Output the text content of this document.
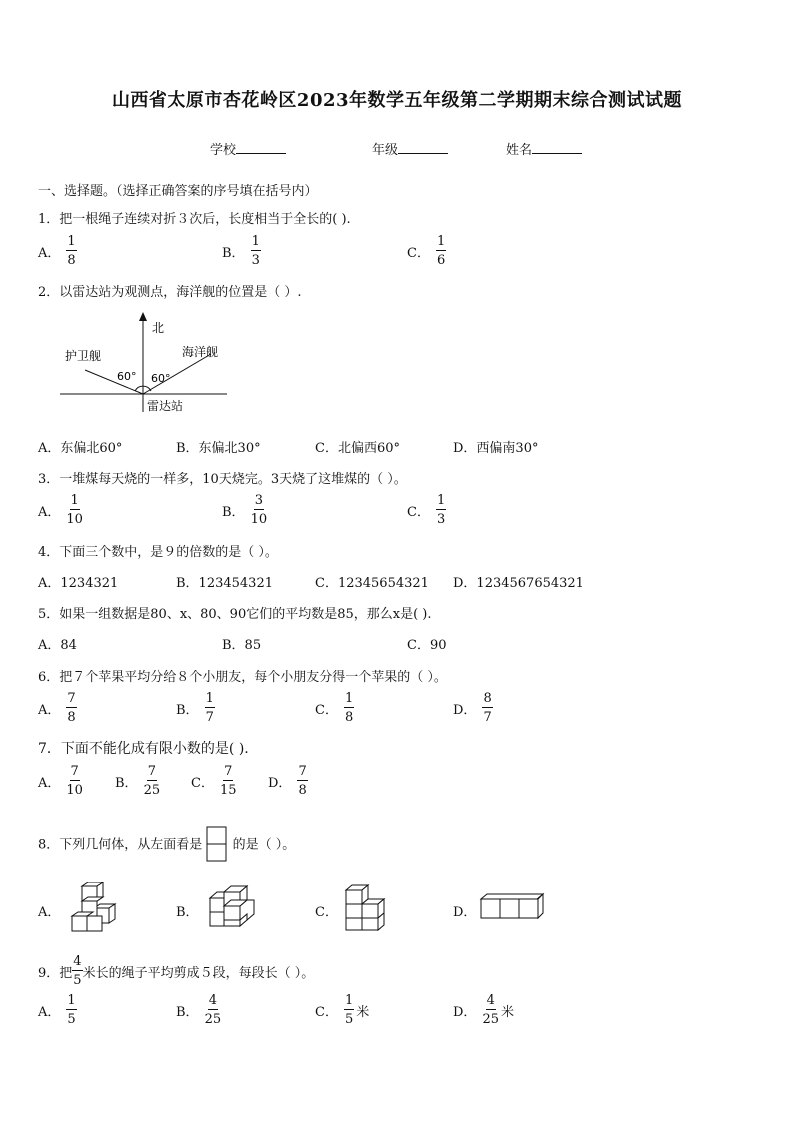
山西省太原市杏花岭区2023年数学五年级第二学期期末综合测试试题
学校	年级	姓名
一、选择题。（选择正确答案的序号填在括号内）
1．把一根绳子连续对折３次后，长度相当于全长的( ).
A． $\frac{1}{8}$	B． $\frac{1}{3}$	C． $\frac{1}{6}$
2．以雷达站为观测点，海洋舰的位置是（ ）.
北
护卫舰	海洋舰
60° 60°
雷达站
A．东偏北60°	B．东偏北30°	C．北偏西60°	D．西偏南30°
3．一堆煤每天烧的一样多，10天烧完。3天烧了这堆煤的（ ）。
A． $\frac{1}{10}$	B． $\frac{3}{10}$	C． $\frac{1}{3}$
4．下面三个数中，是９的倍数的是（ ）。
A．1234321	B．123454321	C．12345654321 D．1234567654321
5．如果一组数据是80、x、80、90它们的平均数是85，那么x是( ).
A．84	B．85	C．90
6．把７个苹果平均分给８个小朋友，每个小朋友分得一个苹果的（ ）。
A． $\frac{7}{8}$	B． $\frac{1}{7}$	C． $\frac{1}{8}$	D． $\frac{8}{7}$
7．下面不能化成有限小数的是( ).
A． $\frac{7}{10}$ B． $\frac{7}{25}$ C． $\frac{7}{15}$ D． $\frac{7}{8}$
8．下列几何体，从左面看是 的是（ ）。
A．	B．	C．	D．
9．把 $\frac{4}{5}$ 米长的绳子平均剪成５段，每段长（ ）。
A． $\frac{1}{5}$	B． $\frac{4}{25}$	C． $\frac{1}{5}$ 米	D． $\frac{4}{25}$ 米
